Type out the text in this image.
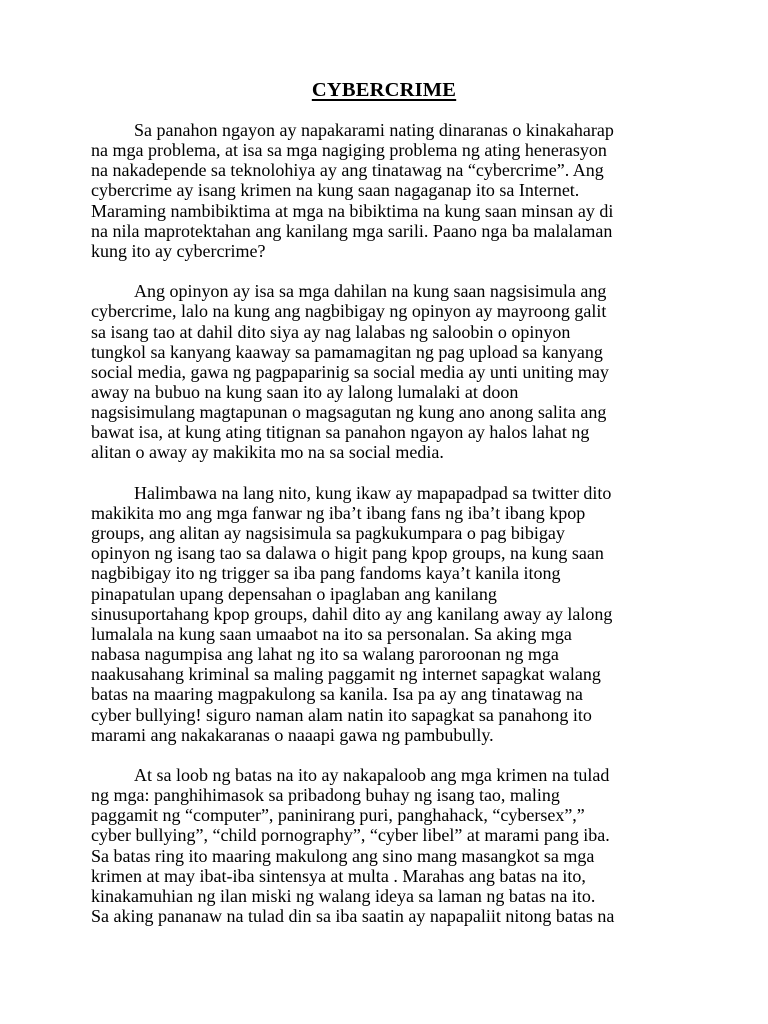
CYBERCRIME
Sa panahon ngayon ay napakarami nating dinaranas o kinakaharap
na mga problema, at isa sa mga nagiging problema ng ating henerasyon
na nakadepende sa teknolohiya ay ang tinatawag na “cybercrime”. Ang
cybercrime ay isang krimen na kung saan nagaganap ito sa Internet.
Maraming nambibiktima at mga na bibiktima na kung saan minsan ay di
na nila maprotektahan ang kanilang mga sarili. Paano nga ba malalaman
kung ito ay cybercrime?
Ang opinyon ay isa sa mga dahilan na kung saan nagsisimula ang
cybercrime, lalo na kung ang nagbibigay ng opinyon ay mayroong galit
sa isang tao at dahil dito siya ay nag lalabas ng saloobin o opinyon
tungkol sa kanyang kaaway sa pamamagitan ng pag upload sa kanyang
social media, gawa ng pagpaparinig sa social media ay unti uniting may
away na bubuo na kung saan ito ay lalong lumalaki at doon
nagsisimulang magtapunan o magsagutan ng kung ano anong salita ang
bawat isa, at kung ating titignan sa panahon ngayon ay halos lahat ng
alitan o away ay makikita mo na sa social media.
Halimbawa na lang nito, kung ikaw ay mapapadpad sa twitter dito
makikita mo ang mga fanwar ng iba’t ibang fans ng iba’t ibang kpop
groups, ang alitan ay nagsisimula sa pagkukumpara o pag bibigay
opinyon ng isang tao sa dalawa o higit pang kpop groups, na kung saan
nagbibigay ito ng trigger sa iba pang fandoms kaya’t kanila itong
pinapatulan upang depensahan o ipaglaban ang kanilang
sinusuportahang kpop groups, dahil dito ay ang kanilang away ay lalong
lumalala na kung saan umaabot na ito sa personalan. Sa aking mga
nabasa nagumpisa ang lahat ng ito sa walang paroroonan ng mga
naakusahang kriminal sa maling paggamit ng internet sapagkat walang
batas na maaring magpakulong sa kanila. Isa pa ay ang tinatawag na
cyber bullying! siguro naman alam natin ito sapagkat sa panahong ito
marami ang nakakaranas o naaapi gawa ng pambubully.
At sa loob ng batas na ito ay nakapaloob ang mga krimen na tulad
ng mga: panghihimasok sa pribadong buhay ng isang tao, maling
paggamit ng “computer”, paninirang puri, panghahack, “cybersex”,”
cyber bullying”, “child pornography”, “cyber libel” at marami pang iba.
Sa batas ring ito maaring makulong ang sino mang masangkot sa mga
krimen at may ibat-iba sintensya at multa . Marahas ang batas na ito,
kinakamuhian ng ilan miski ng walang ideya sa laman ng batas na ito.
Sa aking pananaw na tulad din sa iba saatin ay napapaliit nitong batas na
